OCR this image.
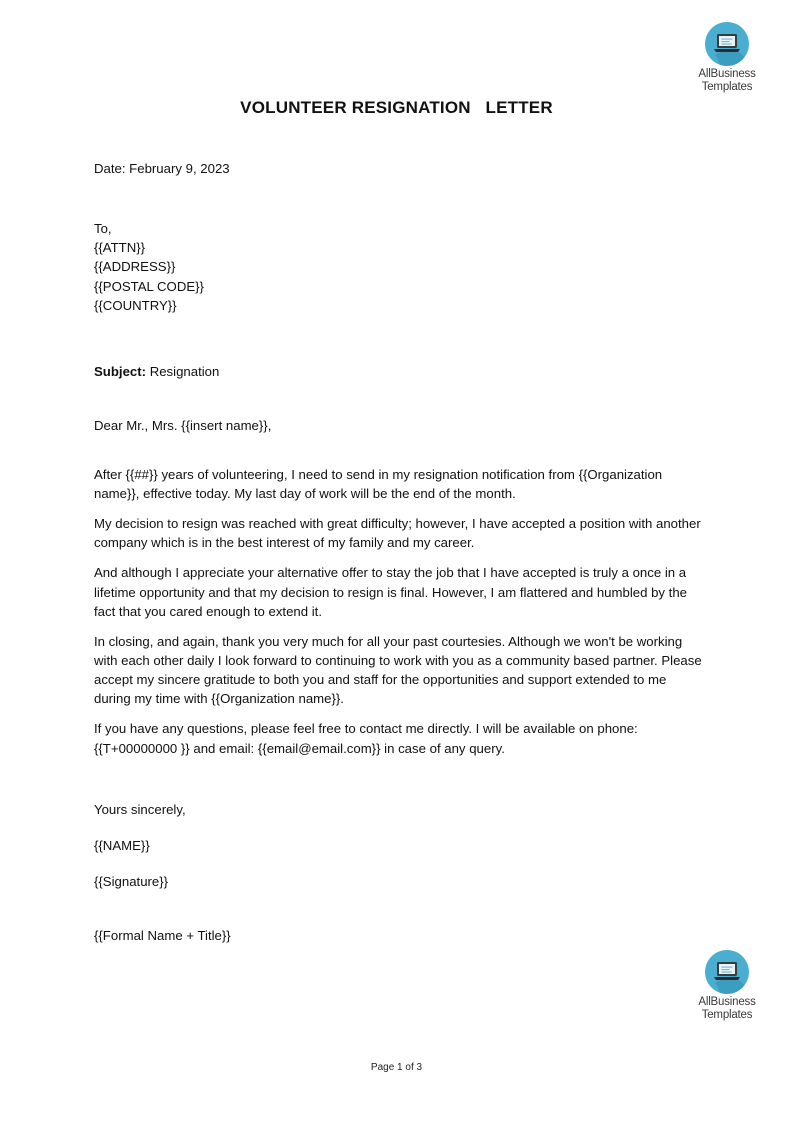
AllBusiness
Templates
VOLUNTEER RESIGNATION   LETTER
Date: February 9, 2023
To,
{{ATTN}}
{{ADDRESS}}
{{POSTAL CODE}}
{{COUNTRY}}
Subject: Resignation
Dear Mr., Mrs. {{insert name}},

After {{##}} years of volunteering, I need to send in my resignation notification from {{Organization name}}, effective today. My last day of work will be the end of the month.

My decision to resign was reached with great difficulty; however, I have accepted a position with another company which is in the best interest of my family and my career.

And although I appreciate your alternative offer to stay the job that I have accepted is truly a once in a lifetime opportunity and that my decision to resign is final. However, I am flattered and humbled by the fact that you cared enough to extend it.

In closing, and again, thank you very much for all your past courtesies. Although we won't be working with each other daily I look forward to continuing to work with you as a community based partner. Please accept my sincere gratitude to both you and staff for the opportunities and support extended to me during my time with {{Organization name}}.

If you have any questions, please feel free to contact me directly. I will be available on phone: {{T+00000000 }} and email: {{email@email.com}} in case of any query.

Yours sincerely,
{{NAME}}
{{Signature}}
{{Formal Name + Title}}
AllBusiness
Templates
Page 1 of 3
